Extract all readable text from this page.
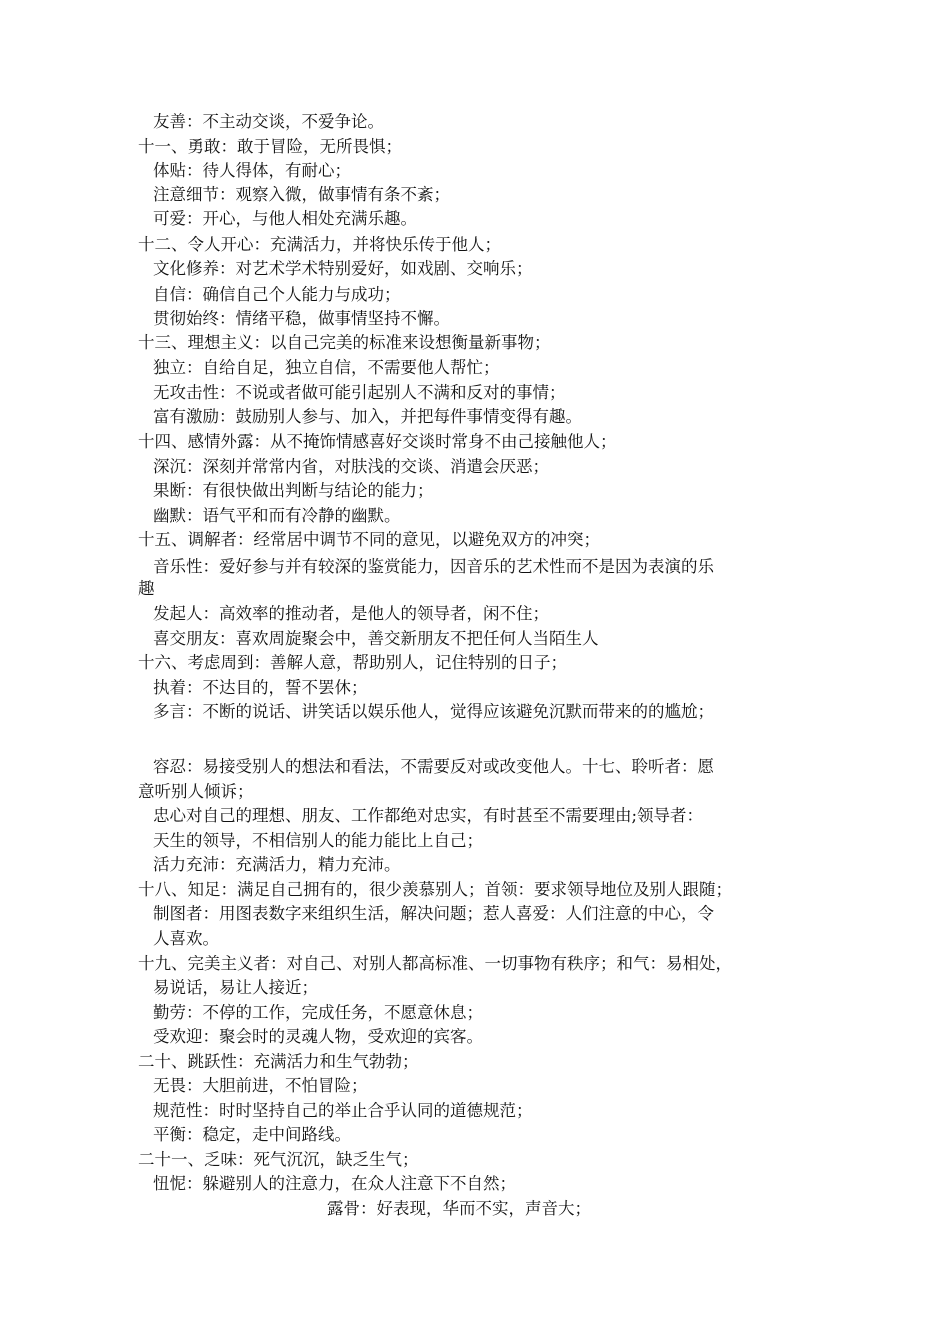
友善：不主动交谈，不爱争论。
十一、勇敢：敢于冒险，无所畏惧；
体贴：待人得体，有耐心；
注意细节：观察入微，做事情有条不紊；
可爱：开心，与他人相处充满乐趣。
十二、令人开心：充满活力，并将快乐传于他人；
文化修养：对艺术学术特别爱好，如戏剧、交响乐；
自信：确信自己个人能力与成功；
贯彻始终：情绪平稳，做事情坚持不懈。
十三、理想主义：以自己完美的标准来设想衡量新事物；
独立：自给自足，独立自信，不需要他人帮忙；
无攻击性：不说或者做可能引起别人不满和反对的事情；
富有激励：鼓励别人参与、加入，并把每件事情变得有趣。
十四、感情外露：从不掩饰情感喜好交谈时常身不由己接触他人；
深沉：深刻并常常内省，对肤浅的交谈、消遣会厌恶；
果断：有很快做出判断与结论的能力；
幽默：语气平和而有冷静的幽默。
十五、调解者：经常居中调节不同的意见，以避免双方的冲突；
音乐性：爱好参与并有较深的鉴赏能力，因音乐的艺术性而不是因为表演的乐
趣
发起人：高效率的推动者，是他人的领导者，闲不住；
喜交朋友：喜欢周旋聚会中，善交新朋友不把任何人当陌生人
十六、考虑周到：善解人意，帮助别人，记住特别的日子；
执着：不达目的，誓不罢休；
多言：不断的说话、讲笑话以娱乐他人，觉得应该避免沉默而带来的的尴尬；
容忍：易接受别人的想法和看法，不需要反对或改变他人。十七、聆听者：愿
意听别人倾诉；
忠心对自己的理想、朋友、工作都绝对忠实，有时甚至不需要理由;领导者：
天生的领导，不相信别人的能力能比上自己；
活力充沛：充满活力，精力充沛。
十八、知足：满足自己拥有的，很少羡慕别人；首领：要求领导地位及别人跟随；
制图者：用图表数字来组织生活，解决问题；惹人喜爱：人们注意的中心，令
人喜欢。
十九、完美主义者：对自己、对别人都高标准、一切事物有秩序；和气：易相处，
易说话，易让人接近；
勤劳：不停的工作，完成任务，不愿意休息；
受欢迎：聚会时的灵魂人物，受欢迎的宾客。
二十、跳跃性：充满活力和生气勃勃；
无畏：大胆前进，不怕冒险；
规范性：时时坚持自己的举止合乎认同的道德规范；
平衡：稳定，走中间路线。
二十一、乏味：死气沉沉，缺乏生气；
忸怩：躲避别人的注意力，在众人注意下不自然；
露骨：好表现，华而不实，声音大；
